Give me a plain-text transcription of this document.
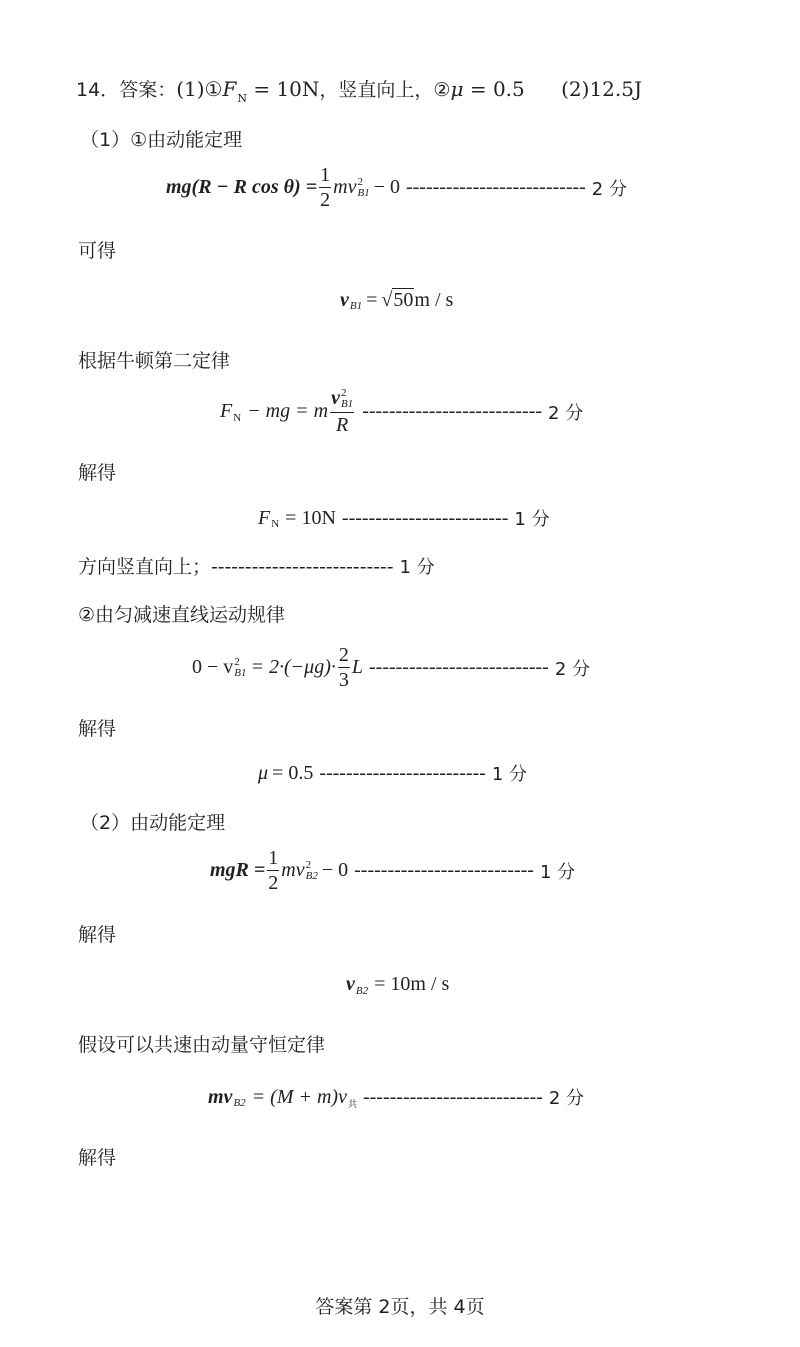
14．答案：$(1)①F_N = 10N$，竖直向上，②μ = 0.5 (2)12.5J
（1）①由动能定理
mg(R − R $\cos \theta) = \frac{1}{2}$ mv 2
B1 − 0 --------------------------- 2 分
可得
v B1 = √ 50 m / s
根据牛顿第二定律
F N − mg = m v 2
B1
R --------------------------- 2 分
解得
F N = 10N ------------------------- 1 分
方向竖直向上；--------------------------- 1 分
②由匀减速直线运动规律
0 − v 2
$B1 = 2\cdot(-\mu g)\cdot \frac{2}{3}$ L --------------------------- 2 分
解得
μ = 0.5 ------------------------- 1 分
（2）由动能定理
mgR = $\frac{1}{2}$ mv 2
B2 − 0 --------------------------- 1 分
解得
v B2 = 10m / s
假设可以共速由动量守恒定律
mv B2 = (M + m)v 共 --------------------------- 2 分
解得
答案第 2页，共 4页
